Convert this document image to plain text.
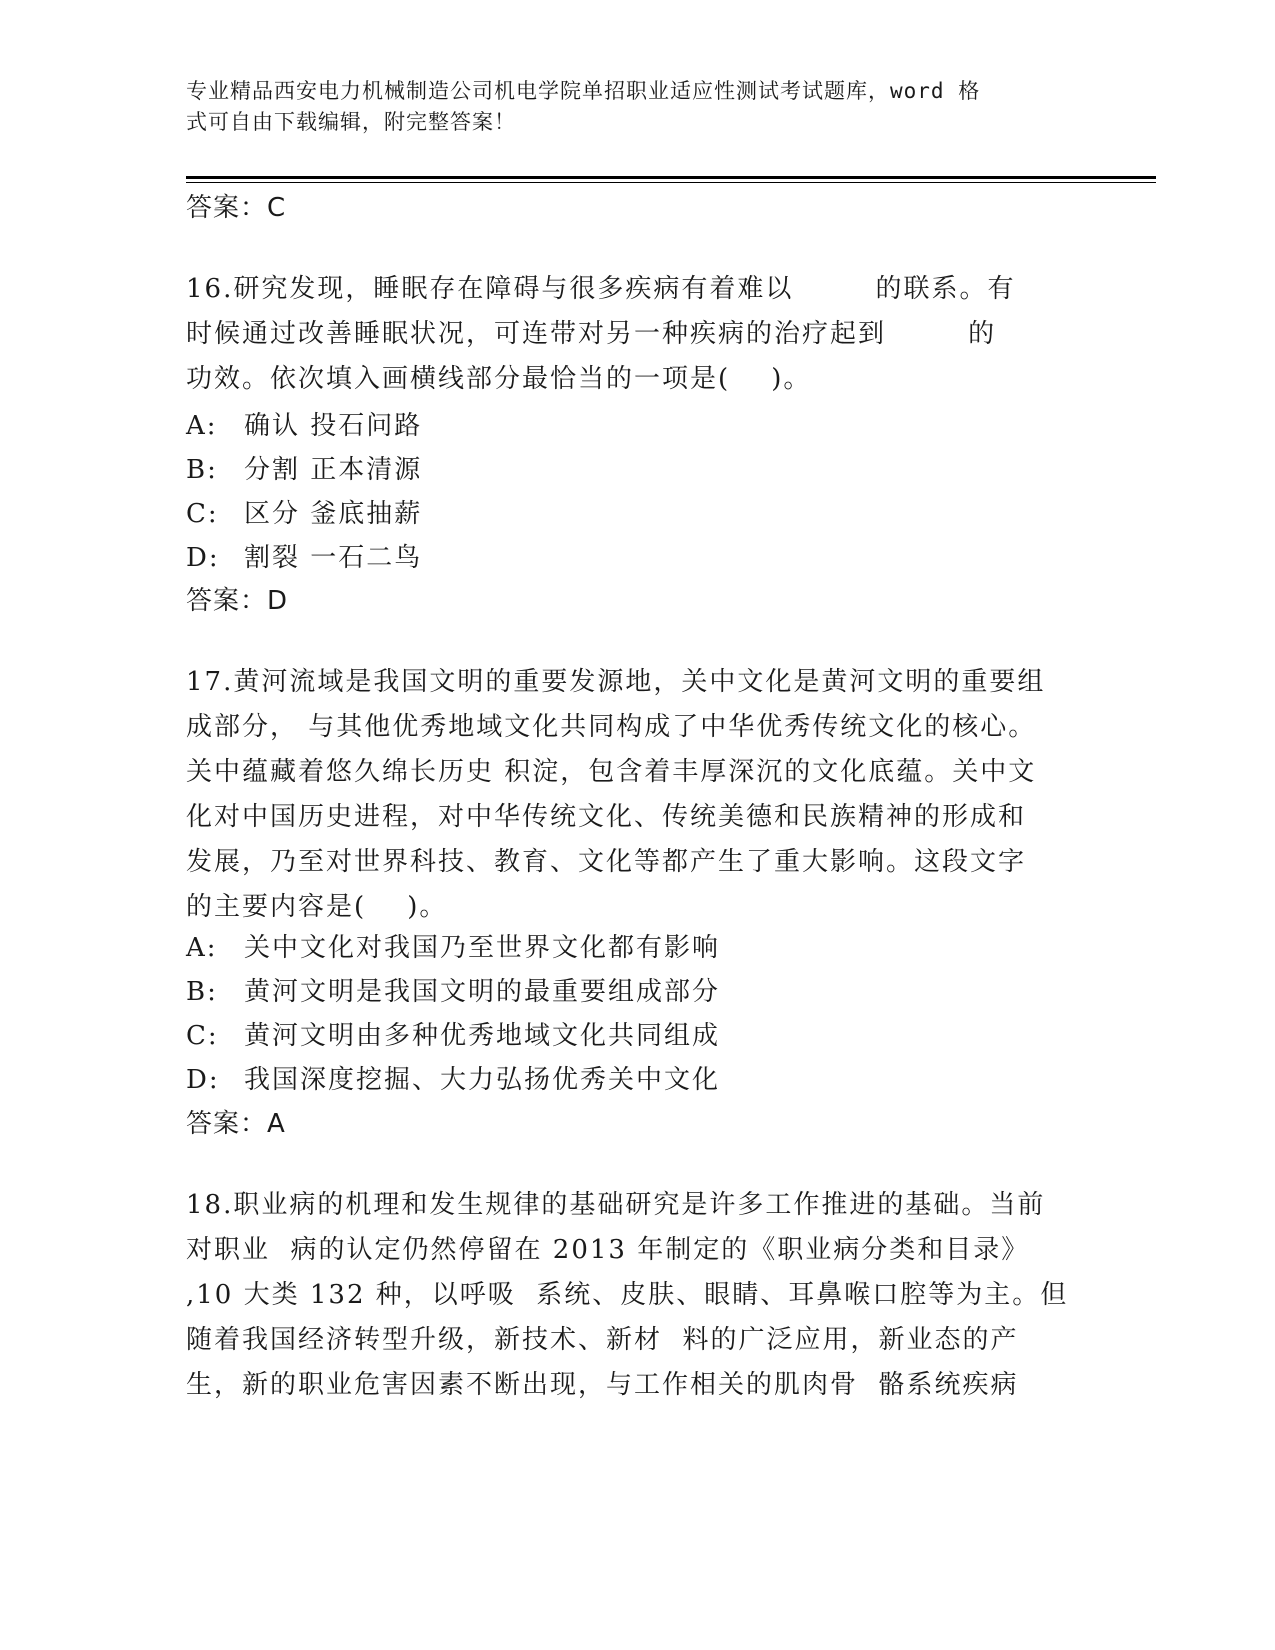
专业精品西安电力机械制造公司机电学院单招职业适应性测试考试题库，word 格
式可自由下载编辑，附完整答案！
答案：C

16.研究发现，睡眠存在障碍与很多疾病有着难以        的联系。有

时候通过改善睡眠状况，可连带对另一种疾病的治疗起到        的

功效。依次填入画横线部分最恰当的一项是(    )。

A: 确认 投石问路
B: 分割 正本清源
C: 区分 釜底抽薪
D: 割裂 一石二鸟
答案：D

17.黄河流域是我国文明的重要发源地，关中文化是黄河文明的重要组

成部分， 与其他优秀地域文化共同构成了中华优秀传统文化的核心。

关中蕴藏着悠久绵长历史 积淀，包含着丰厚深沉的文化底蕴。关中文

化对中国历史进程，对中华传统文化、传统美德和民族精神的形成和

发展，乃至对世界科技、教育、文化等都产生了重大影响。这段文字

的主要内容是(    )。

A: 关中文化对我国乃至世界文化都有影响
B: 黄河文明是我国文明的最重要组成部分
C: 黄河文明由多种优秀地域文化共同组成
D: 我国深度挖掘、大力弘扬优秀关中文化
答案：A

18.职业病的机理和发生规律的基础研究是许多工作推进的基础。当前

对职业  病的认定仍然停留在 2013 年制定的《职业病分类和目录》

,10 大类 132 种，以呼吸  系统、皮肤、眼睛、耳鼻喉口腔等为主。但

随着我国经济转型升级，新技术、新材  料的广泛应用，新业态的产

生，新的职业危害因素不断出现，与工作相关的肌肉骨  骼系统疾病
